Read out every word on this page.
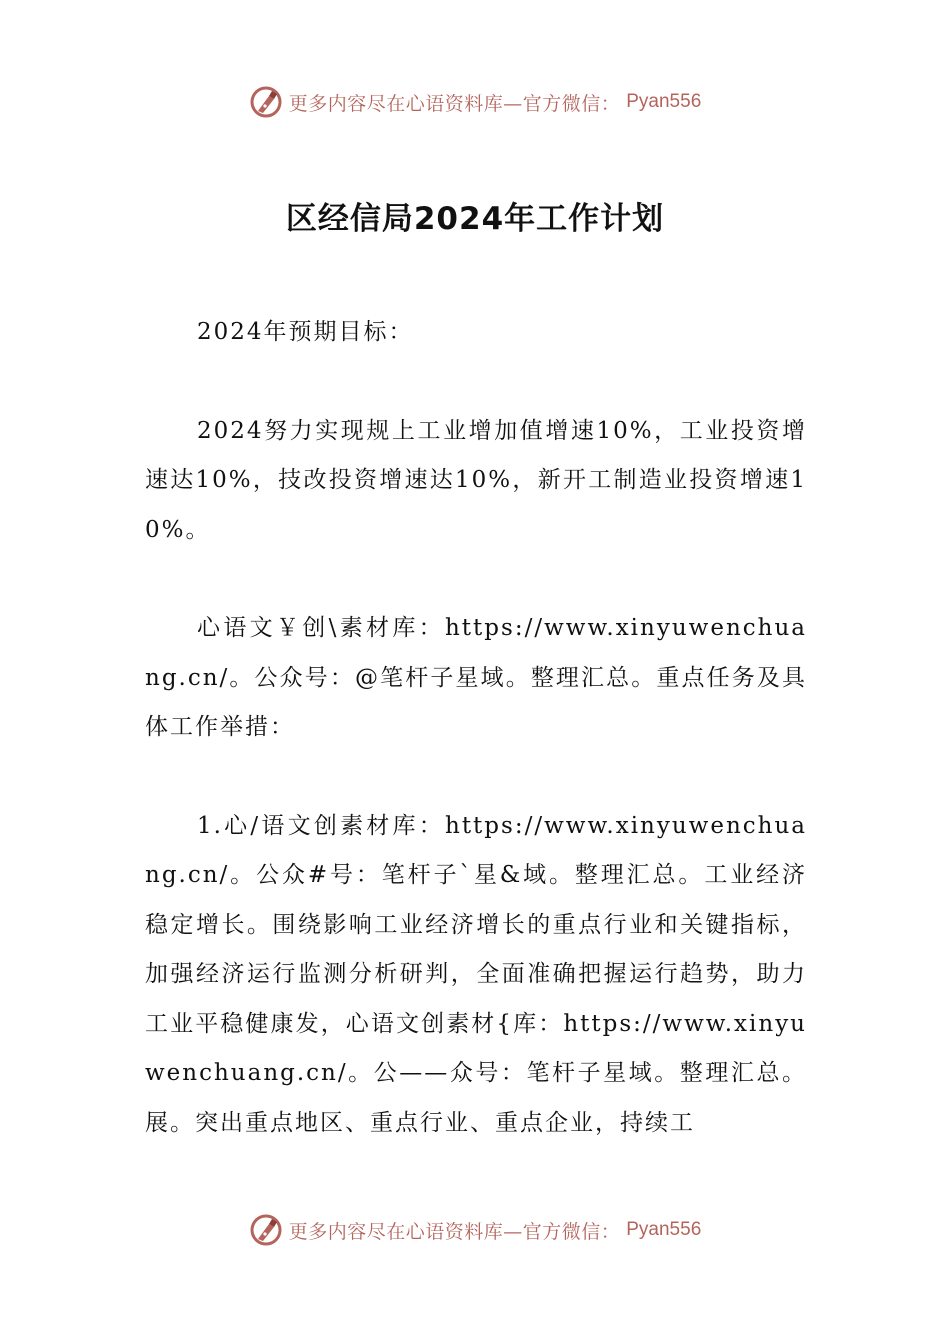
更多内容尽在心语资料库—官方微信： Pyan556
区经信局2024年工作计划

2024年预期目标：

2024努力实现规上工业增加值增速10%，工业投资增速达10%，技改投资增速达10%，新开工制造业投资增速10%。

心语文￥创\素材库：https://www.xinyuwenchuang.cn/。公众号：@笔杆子星域。整理汇总。重点任务及具体工作举措：

1.心/语文创素材库：https://www.xinyuwenchuang.cn/。公众#号：笔杆子`星&域。整理汇总。工业经济稳定增长。围绕影响工业经济增长的重点行业和关键指标，加强经济运行监测分析研判，全面准确把握运行趋势，助力工业平稳健康发，心语文创素材{库：https://www.xinyuwenchuang.cn/。公——众号：笔杆子星域。整理汇总。展。突出重点地区、重点行业、重点企业，持续工

更多内容尽在心语资料库—官方微信： Pyan556
